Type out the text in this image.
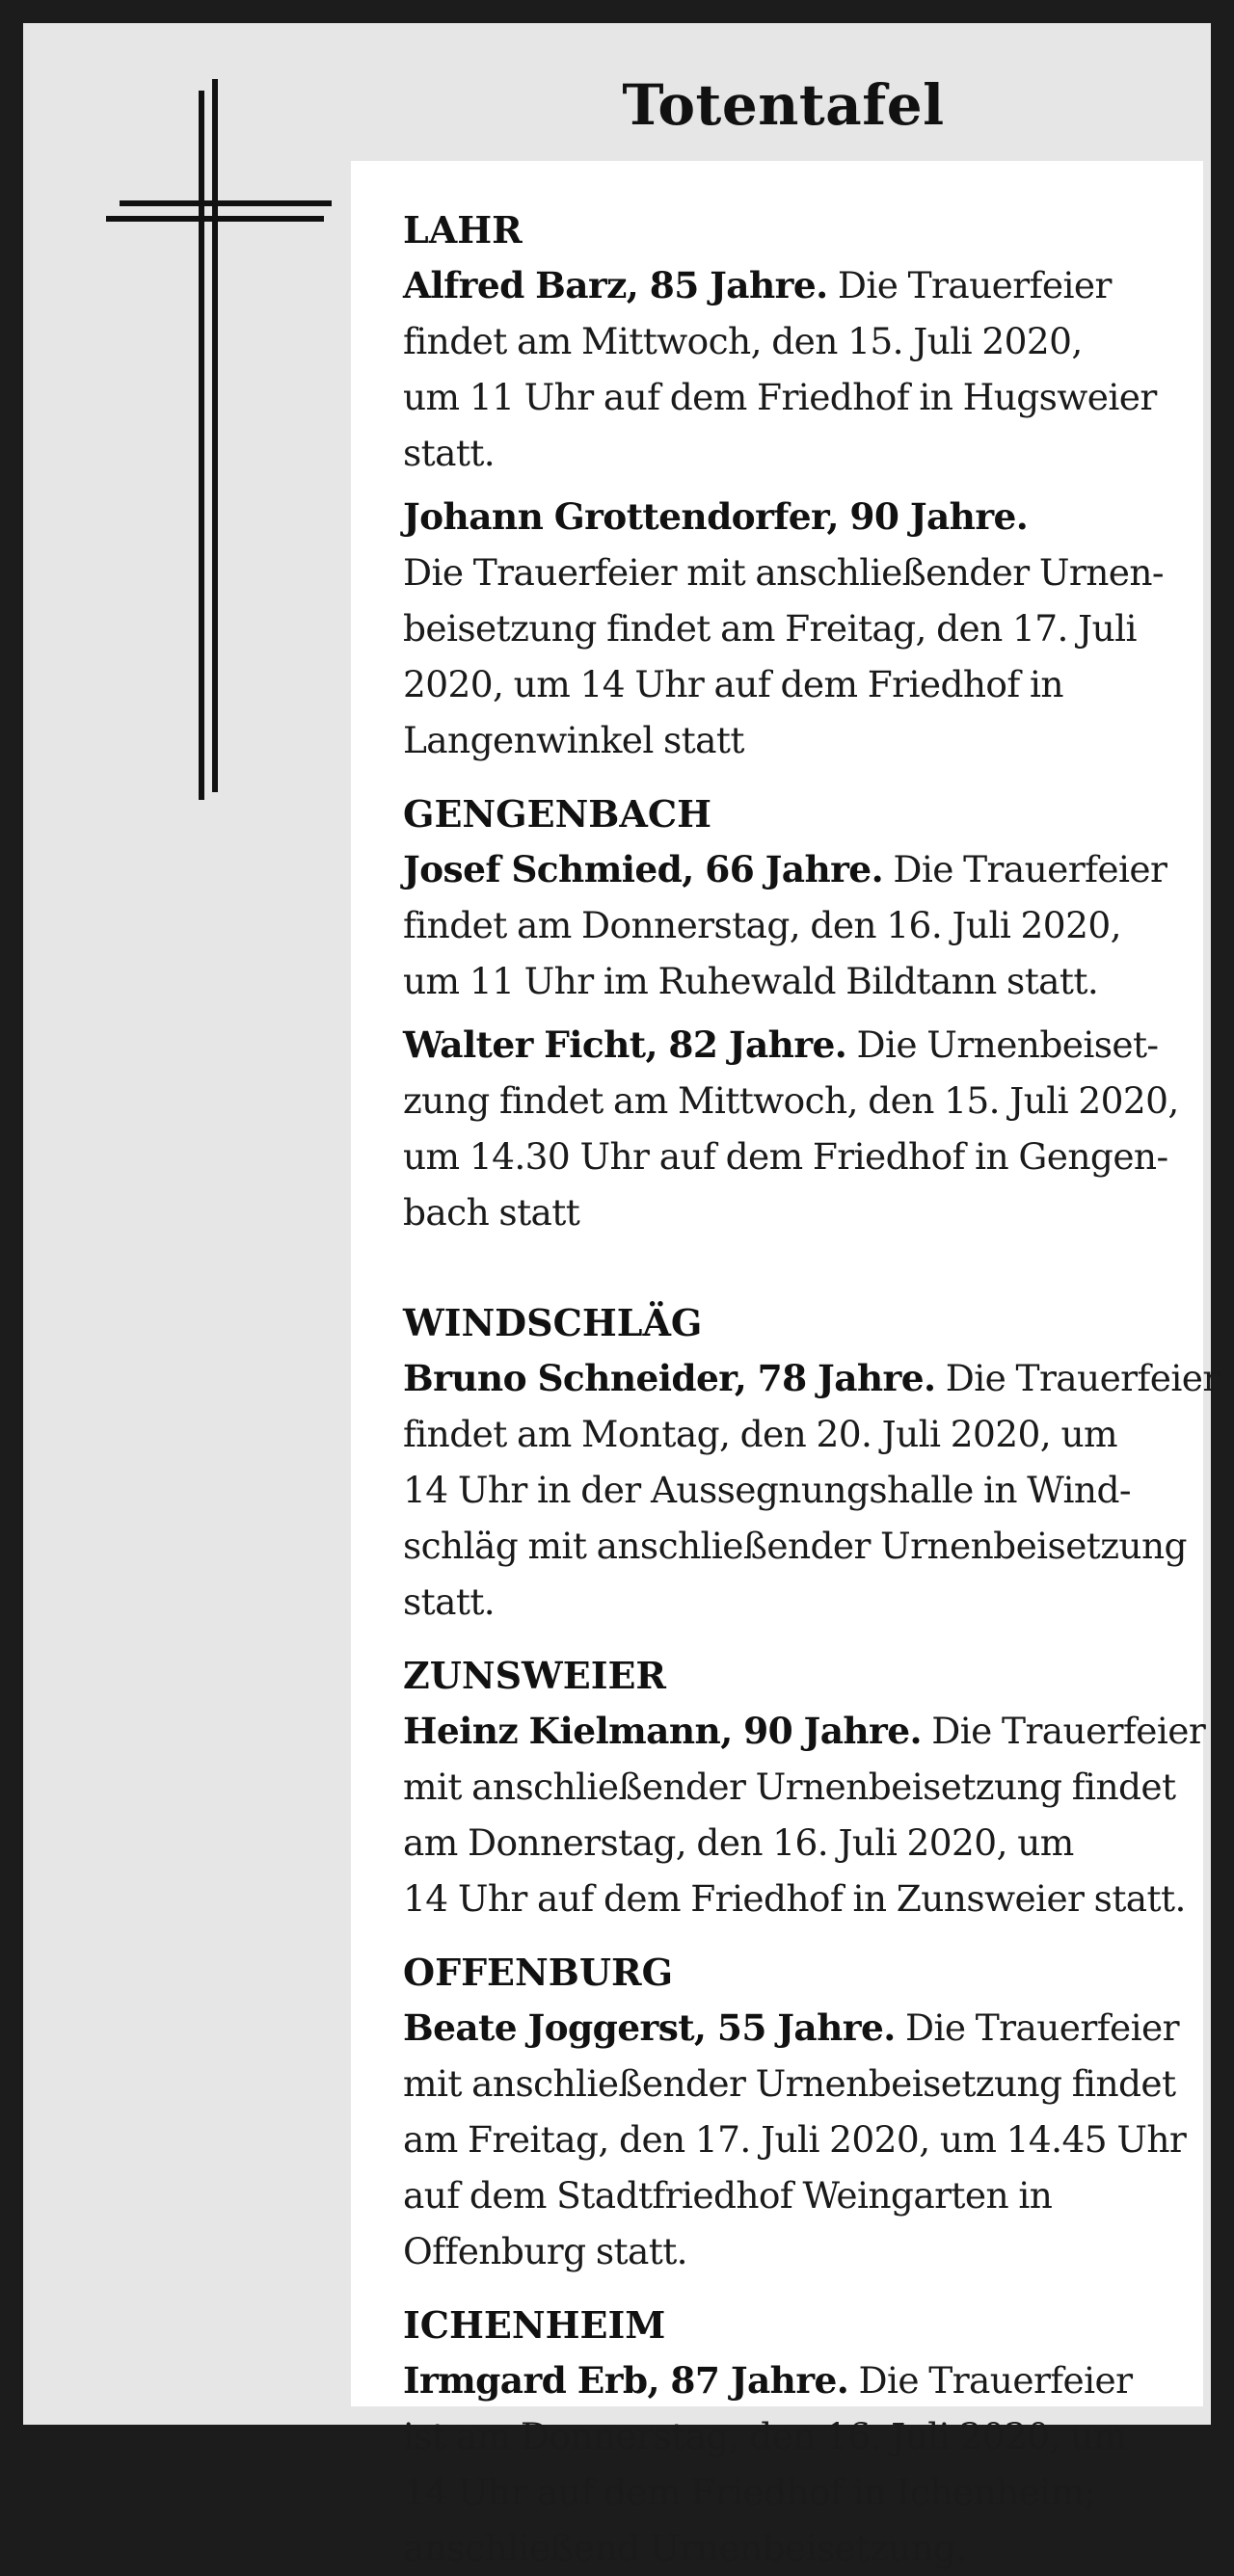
Totentafel
LAHR
Alfred Barz, 85 Jahre. Die Trauerfeier
findet am Mittwoch, den 15. Juli 2020,
um 11 Uhr auf dem Friedhof in Hugsweier
statt.
Johann Grottendorfer, 90 Jahre.
Die Trauerfeier mit anschließender Urnen-
beisetzung findet am Freitag, den 17. Juli
2020, um 14 Uhr auf dem Friedhof in
Langenwinkel statt
GENGENBACH
Josef Schmied, 66 Jahre. Die Trauerfeier
findet am Donnerstag, den 16. Juli 2020,
um 11 Uhr im Ruhewald Bildtann statt.
Walter Ficht, 82 Jahre. Die Urnenbeiset-
zung findet am Mittwoch, den 15. Juli 2020,
um 14.30 Uhr auf dem Friedhof in Gengen-
bach statt
WINDSCHLÄG
Bruno Schneider, 78 Jahre. Die Trauerfeier
findet am Montag, den 20. Juli 2020, um
14 Uhr in der Aussegnungshalle in Wind-
schläg mit anschließender Urnenbeisetzung
statt.
ZUNSWEIER
Heinz Kielmann, 90 Jahre. Die Trauerfeier
mit anschließender Urnenbeisetzung findet
am Donnerstag, den 16. Juli 2020, um
14 Uhr auf dem Friedhof in Zunsweier statt.
OFFENBURG
Beate Joggerst, 55 Jahre. Die Trauerfeier
mit anschließender Urnenbeisetzung findet
am Freitag, den 17. Juli 2020, um 14.45 Uhr
auf dem Stadtfriedhof Weingarten in
Offenburg statt.
ICHENHEIM
Irmgard Erb, 87 Jahre. Die Trauerfeier
ist am Donnerstag, den 16. Juli 2020, um
14 Uhr auf dem Friedhof in Ichenheim;
anschließend Urnenbeisetzung.
